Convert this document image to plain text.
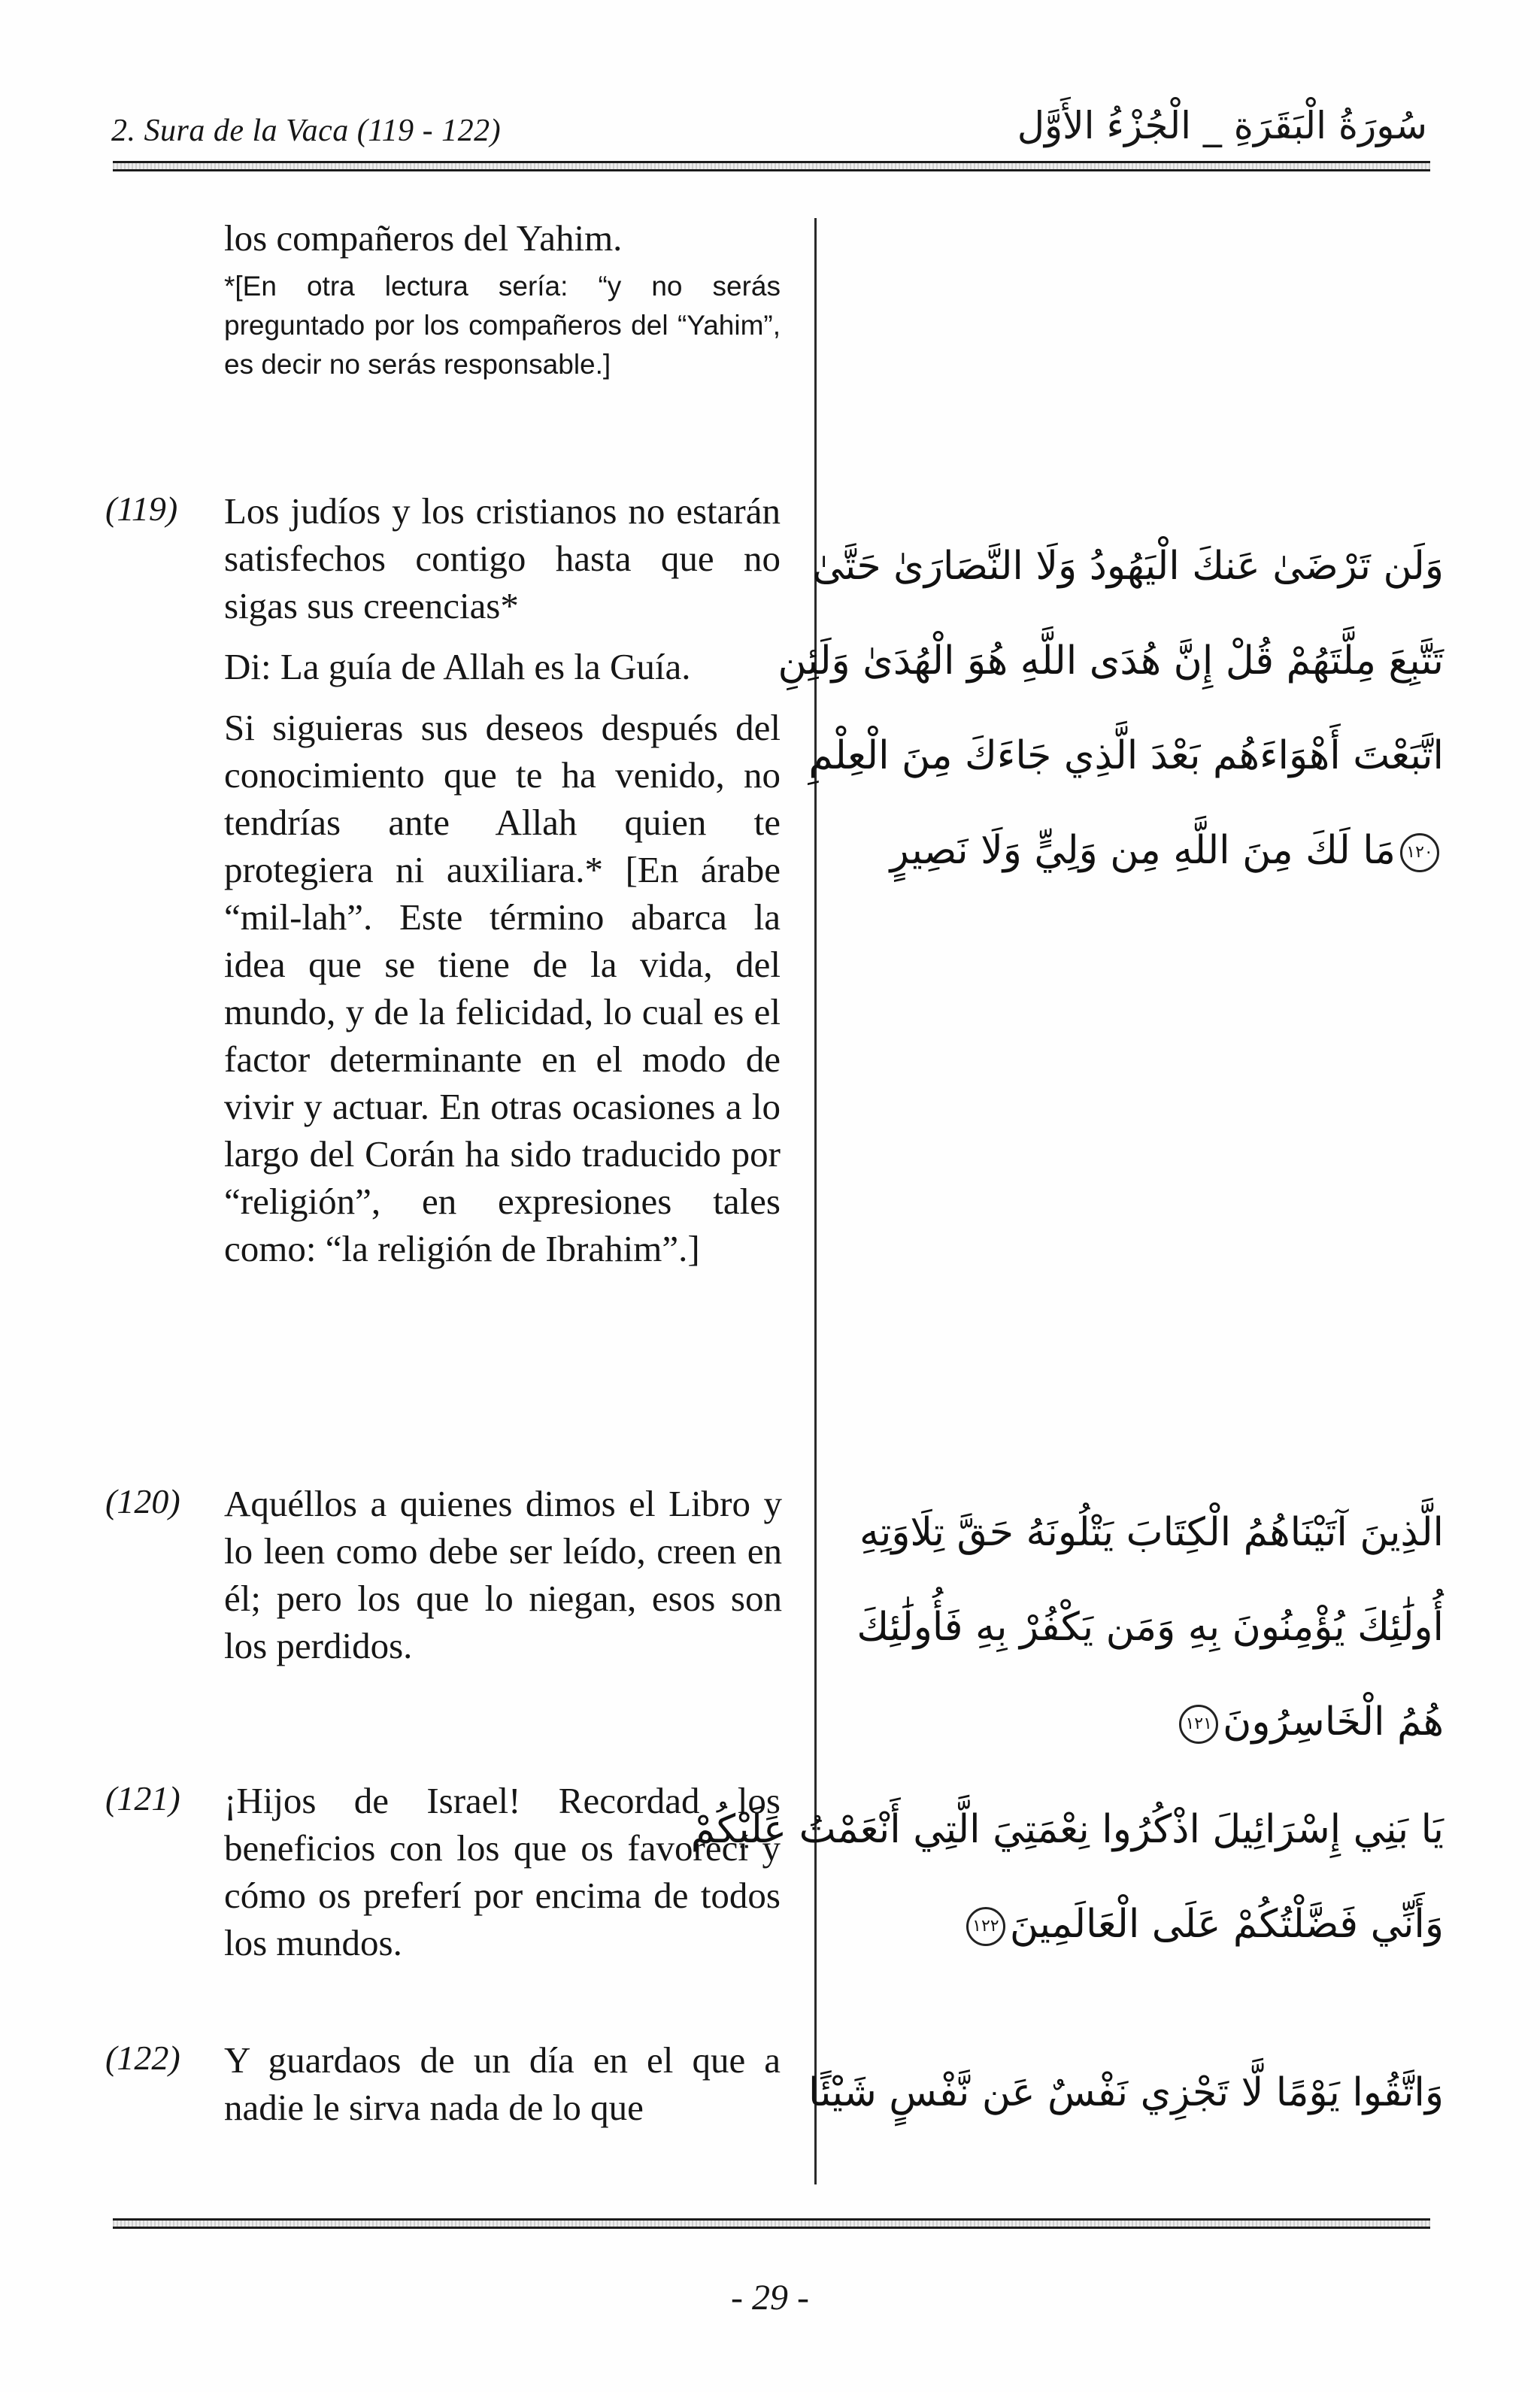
2. Sura de la Vaca (119 - 122)	سُورَةُ الْبَقَرَةِ _ الْجُزْءُ الأَوَّل
los compañeros del Yahim.
*[En otra lectura sería: “y no serás preguntado por los compañeros del “Yahim”, es decir no serás responsable.]
(119) Los judíos y los cristianos no estarán satisfechos contigo hasta que no sigas sus creencias*

Di: La guía de Allah es la Guía.

Si siguieras sus deseos después del conocimiento que te ha venido, no tendrías ante Allah quien te protegiera ni auxiliara.* [En árabe “mil-lah”. Este término abarca la idea que se tiene de la vida, del mundo, y de la felicidad, lo cual es el factor determinante en el modo de vivir y actuar. En otras ocasiones a lo largo del Corán ha sido traducido por “religión”, en expresiones tales como: “la religión de Ibrahim”.]

وَلَن تَرْضَىٰ عَنكَ الْيَهُودُ وَلَا النَّصَارَىٰ حَتَّىٰ
تَتَّبِعَ مِلَّتَهُمْ قُلْ إِنَّ هُدَى اللَّهِ هُوَ الْهُدَىٰ وَلَئِنِ
اتَّبَعْتَ أَهْوَاءَهُم بَعْدَ الَّذِي جَاءَكَ مِنَ الْعِلْمِ
١٢٠مَا لَكَ مِنَ اللَّهِ مِن وَلِيٍّ وَلَا نَصِيرٍ
(120) Aquéllos a quienes dimos el Libro y lo leen como debe ser leído, creen en él; pero los que lo niegan, esos son los perdidos.

الَّذِينَ آتَيْنَاهُمُ الْكِتَابَ يَتْلُونَهُ حَقَّ تِلَاوَتِهِ
أُولَٰئِكَ يُؤْمِنُونَ بِهِ وَمَن يَكْفُرْ بِهِ فَأُولَٰئِكَ
هُمُ الْخَاسِرُونَ١٢١
(121) ¡Hijos de Israel! Recordad los beneficios con los que os favorecí y cómo os preferí por encima de todos los mundos.

يَا بَنِي إِسْرَائِيلَ اذْكُرُوا نِعْمَتِيَ الَّتِي أَنْعَمْتُ عَلَيْكُمْ
وَأَنِّي فَضَّلْتُكُمْ عَلَى الْعَالَمِينَ١٢٢
(122) Y guardaos de un día en el que a nadie le sirva nada de lo que	وَاتَّقُوا يَوْمًا لَّا تَجْزِي نَفْسٌ عَن نَّفْسٍ شَيْئًا
- 29 -
